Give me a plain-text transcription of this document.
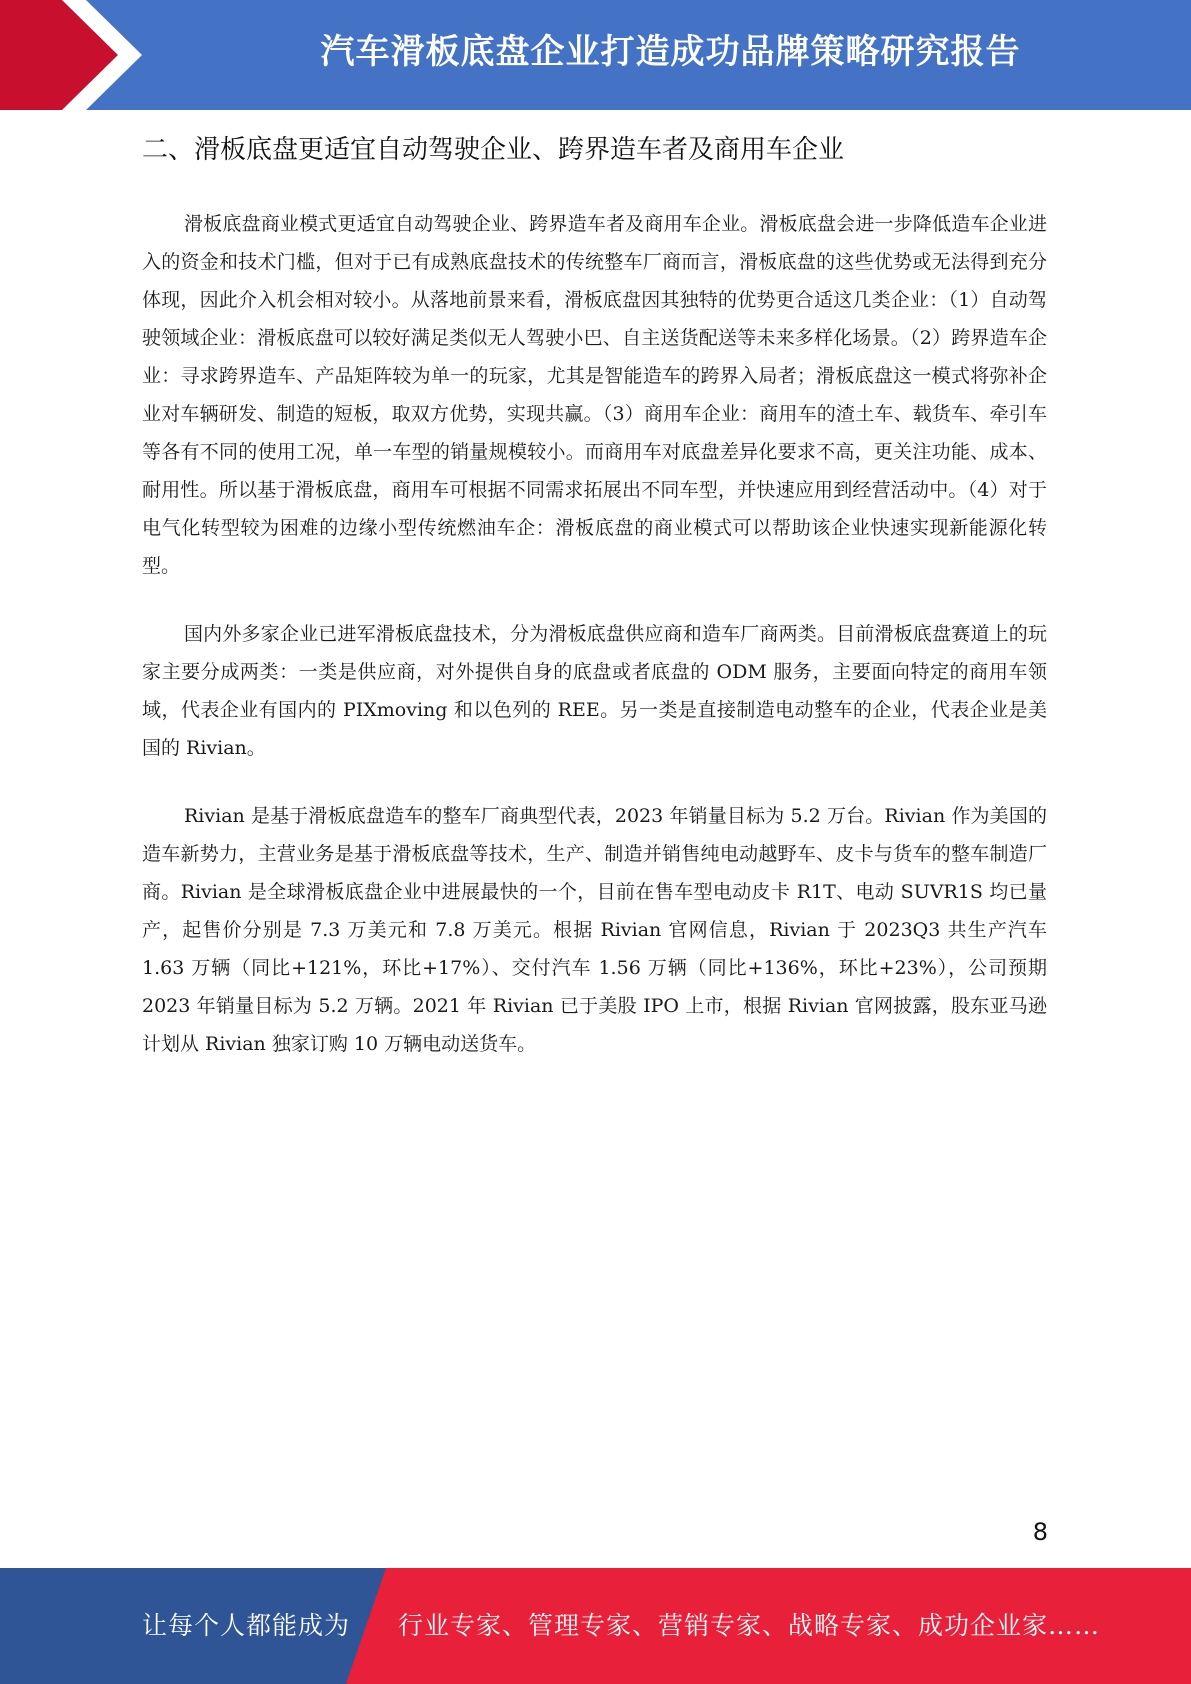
汽车滑板底盘企业打造成功品牌策略研究报告
二、滑板底盘更适宜自动驾驶企业、跨界造车者及商用车企业

滑板底盘商业模式更适宜自动驾驶企业、跨界造车者及商用车企业。滑板底盘会进一步降低造车企业进入的资金和技术门槛，但对于已有成熟底盘技术的传统整车厂商而言，滑板底盘的这些优势或无法得到充分体现，因此介入机会相对较小。从落地前景来看，滑板底盘因其独特的优势更合适这几类企业：（1）自动驾驶领域企业：滑板底盘可以较好满足类似无人驾驶小巴、自主送货配送等未来多样化场景。（2）跨界造车企业：寻求跨界造车、产品矩阵较为单一的玩家，尤其是智能造车的跨界入局者；滑板底盘这一模式将弥补企业对车辆研发、制造的短板，取双方优势，实现共赢。（3）商用车企业：商用车的渣土车、载货车、牵引车等各有不同的使用工况，单一车型的销量规模较小。而商用车对底盘差异化要求不高，更关注功能、成本、耐用性。所以基于滑板底盘，商用车可根据不同需求拓展出不同车型，并快速应用到经营活动中。（4）对于电气化转型较为困难的边缘小型传统燃油车企：滑板底盘的商业模式可以帮助该企业快速实现新能源化转型。

国内外多家企业已进军滑板底盘技术，分为滑板底盘供应商和造车厂商两类。目前滑板底盘赛道上的玩家主要分成两类：一类是供应商，对外提供自身的底盘或者底盘的 ODM 服务，主要面向特定的商用车领域，代表企业有国内的 PIXmoving 和以色列的 REE。另一类是直接制造电动整车的企业，代表企业是美国的 Rivian。

Rivian 是基于滑板底盘造车的整车厂商典型代表，2023 年销量目标为 5.2 万台。Rivian 作为美国的造车新势力，主营业务是基于滑板底盘等技术，生产、制造并销售纯电动越野车、皮卡与货车的整车制造厂商。Rivian 是全球滑板底盘企业中进展最快的一个，目前在售车型电动皮卡 R1T、电动 SUVR1S 均已量产，起售价分别是 7.3 万美元和 7.8 万美元。根据 Rivian 官网信息，Rivian 于 2023Q3 共生产汽车 1.63 万辆（同比+121%，环比+17%）、交付汽车 1.56 万辆（同比+136%，环比+23%），公司预期 2023 年销量目标为 5.2 万辆。2021 年 Rivian 已于美股 IPO 上市，根据 Rivian 官网披露，股东亚马逊计划从 Rivian 独家订购 10 万辆电动送货车。

8
让每个人都能成为 行业专家、管理专家、营销专家、战略专家、成功企业家……
